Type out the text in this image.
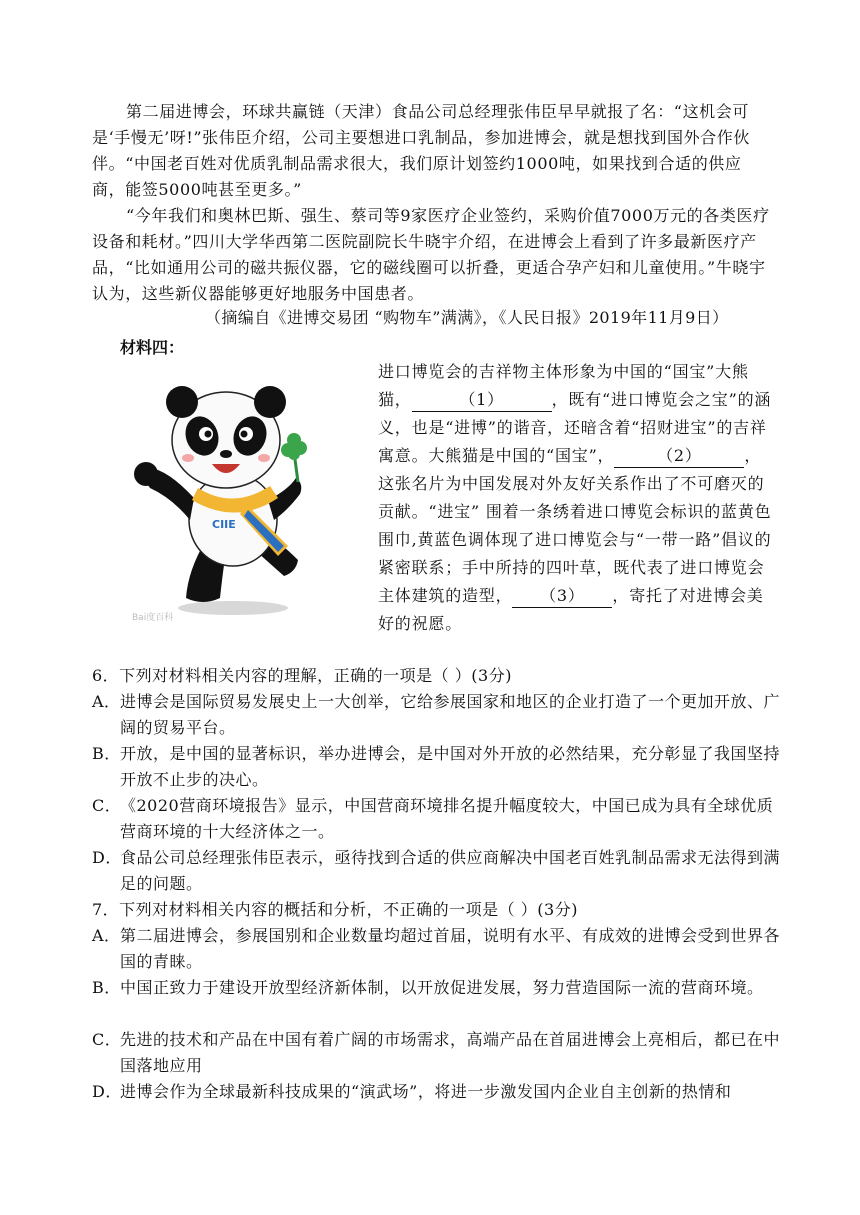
第二届进博会，环球共赢链（天津）食品公司总经理张伟臣早早就报了名：“这机会可是‘手慢无’呀!”张伟臣介绍，公司主要想进口乳制品，参加进博会，就是想找到国外合作伙伴。“中国老百姓对优质乳制品需求很大，我们原计划签约1000吨，如果找到合适的供应商，能签5000吨甚至更多。”

“今年我们和奥林巴斯、强生、蔡司等9家医疗企业签约，采购价值7000万元的各类医疗设备和耗材。”四川大学华西第二医院副院长牛晓宇介绍，在进博会上看到了许多最新医疗产品，“比如通用公司的磁共振仪器，它的磁线圈可以折叠，更适合孕产妇和儿童使用。”牛晓宇认为，这些新仪器能够更好地服务中国患者。

（摘编自《进博交易团 “购物车”满满》，《人民日报》2019年11月9日）
材料四：
CIIE
Bai度百科

进口博览会的吉祥物主体形象为中国的“国宝”大熊猫，	（1）	，既有“进口博览会之宝”的涵义，也是“进博”的谐音，还暗含着“招财进宝”的吉祥寓意。大熊猫是中国的“国宝”，	（2）	，这张名片为中国发展对外友好关系作出了不可磨灭的贡献。“进宝” 围着一条绣着进口博览会标识的蓝黄色围巾,黄蓝色调体现了进口博览会与“一带一路”倡议的紧密联系；手中所持的四叶草，既代表了进口博览会主体建筑的造型， （3） ，寄托了对进博会美好的祝愿。

6．下列对材料相关内容的理解，正确的一项是（ ）(3分)

A．进博会是国际贸易发展史上一大创举，它给参展国家和地区的企业打造了一个更加开放、广阔的贸易平台。

B．开放，是中国的显著标识，举办进博会，是中国对外开放的必然结果，充分彰显了我国坚持开放不止步的决心。

C．《2020营商环境报告》显示，中国营商环境排名提升幅度较大，中国已成为具有全球优质营商环境的十大经济体之一。

D．食品公司总经理张伟臣表示，亟待找到合适的供应商解决中国老百姓乳制品需求无法得到满足的问题。

7．下列对材料相关内容的概括和分析，不正确的一项是（ ）(3分)

A．第二届进博会，参展国别和企业数量均超过首届，说明有水平、有成效的进博会受到世界各国的青睐。

B．中国正致力于建设开放型经济新体制，以开放促进发展，努力营造国际一流的营商环境。

C．先进的技术和产品在中国有着广阔的市场需求，高端产品在首届进博会上亮相后，都已在中国落地应用

D．进博会作为全球最新科技成果的“演武场”，将进一步激发国内企业自主创新的热情和
